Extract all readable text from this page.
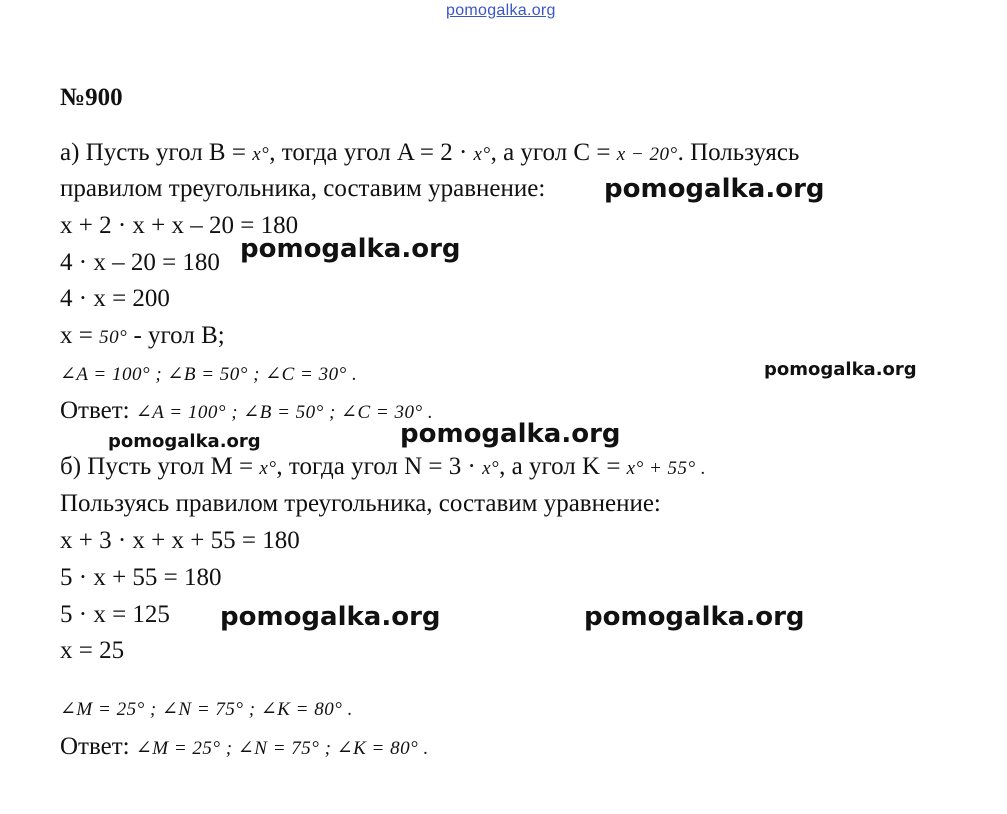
pomogalka.org
№900
а) Пусть угол B = x°, тогда угол A = 2 · x°, а угол C = x − 20°. Пользуясь
правилом треугольника, составим уравнение:
x + 2 · x + x – 20 = 180
4 · x – 20 = 180
4 · x = 200
x = 50° - угол B;
∠A = 100° ; ∠B = 50° ; ∠C = 30° .
Ответ: ∠A = 100° ; ∠B = 50° ; ∠C = 30° .
б) Пусть угол M = x°, тогда угол N = 3 · x°, а угол K = x° + 55° .
Пользуясь правилом треугольника, составим уравнение:
x + 3 · x + x + 55 = 180
5 · x + 55 = 180
5 · x = 125
x = 25
∠M = 25° ; ∠N = 75° ; ∠K = 80° .
Ответ: ∠M = 25° ; ∠N = 75° ; ∠K = 80° .
pomogalka.org
pomogalka.org
pomogalka.org
pomogalka.org	pomogalka.org
pomogalka.org	pomogalka.org
